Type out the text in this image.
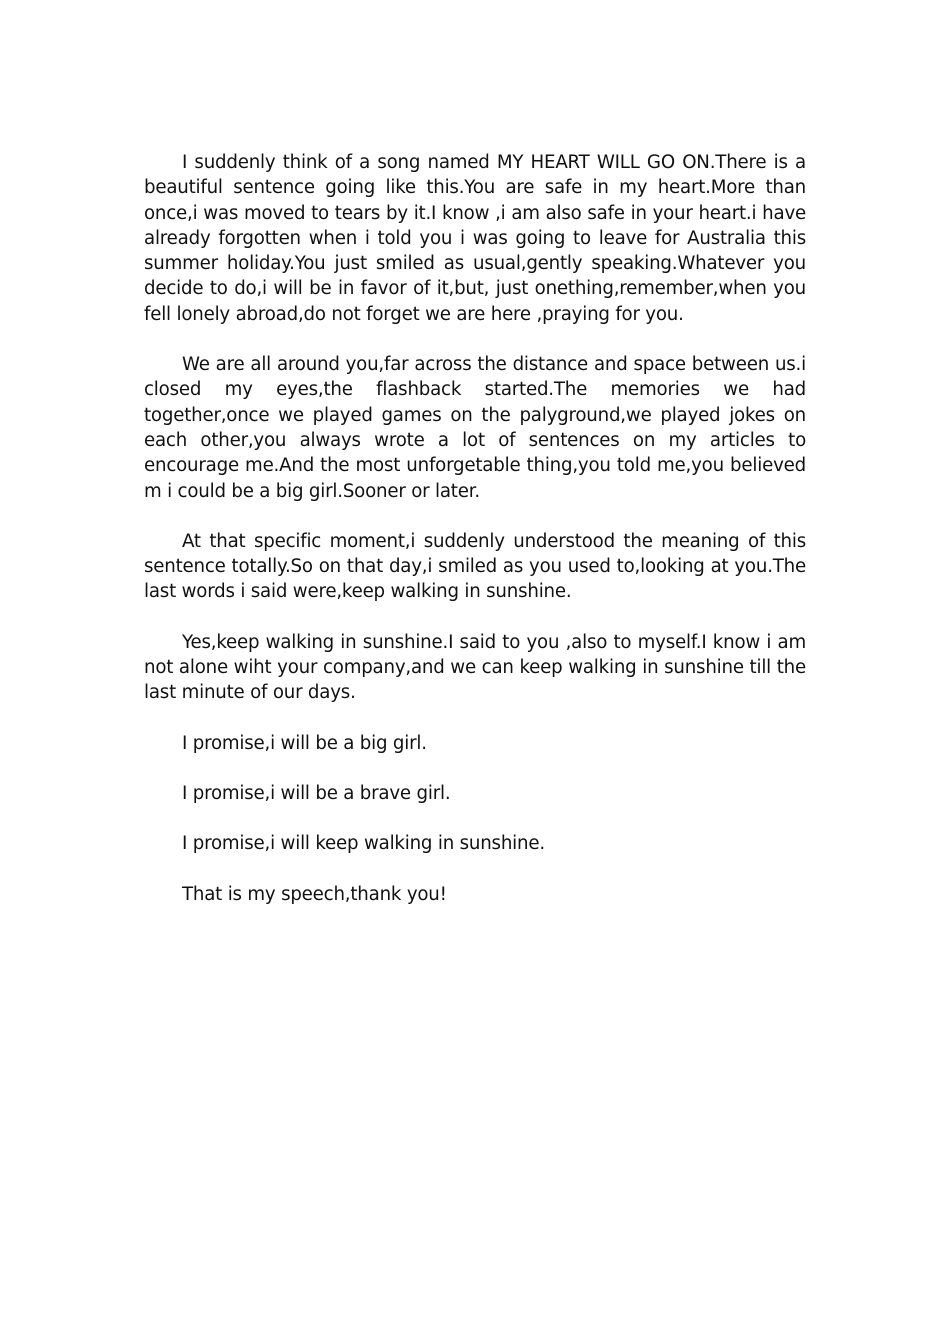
I suddenly think of a song named MY HEART WILL GO ON.There is a beautiful sentence going like this.You are safe in my heart.More than once,i was moved to tears by it.I know ,i am also safe in your heart.i have already forgotten when i told you i was going to leave for Australia this summer holiday.You just smiled as usual,gently speaking.Whatever you decide to do,i will be in favor of it,but, just onething,remember,when you fell lonely abroad,do not forget we are here ,praying for you.

We are all around you,far across the distance and space between us.i closed my eyes,the flashback started.The memories we had together,once we played games on the palyground,we played jokes on each other,you always wrote a lot of sentences on my articles to encourage me.And the most unforgetable thing,you told me,you believed m i could be a big girl.Sooner or later.

At that specific moment,i suddenly understood the meaning of this sentence totally.So on that day,i smiled as you used to,looking at you.The last words i said were,keep walking in sunshine.

Yes,keep walking in sunshine.I said to you ,also to myself.I know i am not alone wiht your company,and we can keep walking in sunshine till the last minute of our days.

I promise,i will be a big girl.

I promise,i will be a brave girl.

I promise,i will keep walking in sunshine.

That is my speech,thank you!
